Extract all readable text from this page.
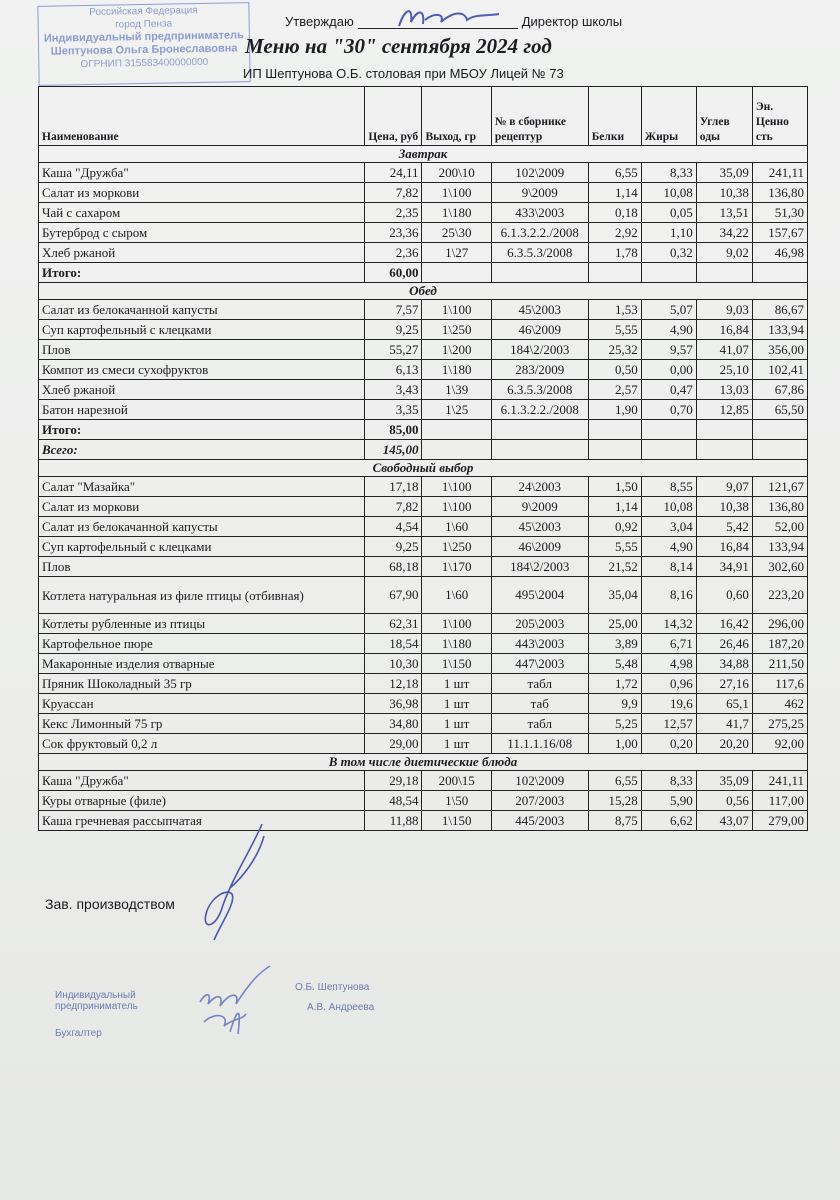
Российская Федерация
город Пенза
Индивидуальный предприниматель
Шептунова Ольга Бронеславовна
ОГРНИП 315583400000000
Утверждаю	Директор школы
Меню на "30" сентября 2024 год
ИП Шептунова О.Б. столовая при МБОУ Лицей № 73
Наименование	Цена, руб	Выход, гр	№ в сборнике рецептур	Белки	Жиры	Углев оды	Эн. Ценно сть
Завтрак							
Каша "Дружба"	24,11	200\10	102\2009	6,55	8,33	35,09	241,11
Салат из моркови	7,82	1\100	9\2009	1,14	10,08	10,38	136,80
Чай с сахаром	2,35	1\180	433\2003	0,18	0,05	13,51	51,30
Бутерброд с сыром	23,36	25\30	6.1.3.2.2./2008	2,92	1,10	34,22	157,67
Хлеб ржаной	2,36	1\27	6.3.5.3/2008	1,78	0,32	9,02	46,98
Итого:	60,00						
Обед							
Салат из белокачанной капусты	7,57	1\100	45\2003	1,53	5,07	9,03	86,67
Суп картофельный с клецками	9,25	1\250	46\2009	5,55	4,90	16,84	133,94
Плов	55,27	1\200	184\2/2003	25,32	9,57	41,07	356,00
Компот из смеси сухофруктов	6,13	1\180	283/2009	0,50	0,00	25,10	102,41
Хлеб ржаной	3,43	1\39	6.3.5.3/2008	2,57	0,47	13,03	67,86
Батон нарезной	3,35	1\25	6.1.3.2.2./2008	1,90	0,70	12,85	65,50
Итого:	85,00						
Всего:	145,00						
Свободный выбор							
Салат "Мазайка"	17,18	1\100	24\2003	1,50	8,55	9,07	121,67
Салат из моркови	7,82	1\100	9\2009	1,14	10,08	10,38	136,80
Салат из белокачанной капусты	4,54	1\60	45\2003	0,92	3,04	5,42	52,00
Суп картофельный с клецками	9,25	1\250	46\2009	5,55	4,90	16,84	133,94
Плов	68,18	1\170	184\2/2003	21,52	8,14	34,91	302,60
Котлета натуральная из филе птицы (отбивная)	67,90	1\60	495\2004	35,04	8,16	0,60	223,20
Котлеты рубленные из птицы	62,31	1\100	205\2003	25,00	14,32	16,42	296,00
Картофельное пюре	18,54	1\180	443\2003	3,89	6,71	26,46	187,20
Макаронные изделия отварные	10,30	1\150	447\2003	5,48	4,98	34,88	211,50
Пряник Шоколадный 35 гр	12,18	1 шт	табл	1,72	0,96	27,16	117,6
Круассан	36,98	1 шт	таб	9,9	19,6	65,1	462
Кекс Лимонный 75 гр	34,80	1 шт	табл	5,25	12,57	41,7	275,25
Сок фруктовый 0,2 л	29,00	1 шт	11.1.1.16/08	1,00	0,20	20,20	92,00
В том числе диетические блюда							
Каша "Дружба"	29,18	200\15	102\2009	6,55	8,33	35,09	241,11
Куры отварные (филе)	48,54	1\50	207/2003	15,28	5,90	0,56	117,00
Каша гречневая рассыпчатая	11,88	1\150	445/2003	8,75	6,62	43,07	279,00
Зав. производством
Индивидуальный
предприниматель
Бухгалтер
О.Б. Шептунова
А.В. Андреева
